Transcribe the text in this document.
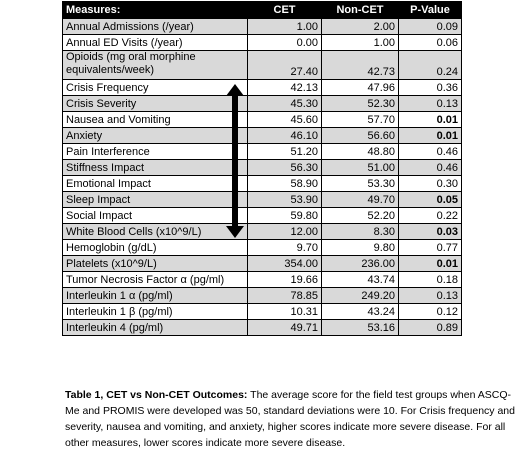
Measures:	CET	Non-CET	P-Value
Annual Admissions (/year)	1.00	2.00	0.09
Annual ED Visits (/year)	0.00	1.00	0.06
Opioids (mg oral morphine equivalents/week)	27.40	42.73	0.24
Crisis Frequency	42.13	47.96	0.36
Crisis Severity	45.30	52.30	0.13
Nausea and Vomiting	45.60	57.70	0.01
Anxiety	46.10	56.60	0.01
Pain Interference	51.20	48.80	0.46
Stiffness Impact	56.30	51.00	0.46
Emotional Impact	58.90	53.30	0.30
Sleep Impact	53.90	49.70	0.05
Social Impact	59.80	52.20	0.22
White Blood Cells (x10^9/L)	12.00	8.30	0.03
Hemoglobin (g/dL)	9.70	9.80	0.77
Platelets (x10^9/L)	354.00	236.00	0.01
Tumor Necrosis Factor α (pg/ml)	19.66	43.74	0.18
Interleukin 1 α (pg/ml)	78.85	249.20	0.13
Interleukin 1 β (pg/ml)	10.31	43.24	0.12
Interleukin 4 (pg/ml)	49.71	53.16	0.89
Table 1, CET vs Non-CET Outcomes: The average score for the field test groups when ASCQ-Me and PROMIS were developed was 50, standard deviations were 10. For Crisis frequency and severity, nausea and vomiting, and anxiety, higher scores indicate more severe disease. For all other measures, lower scores indicate more severe disease.
